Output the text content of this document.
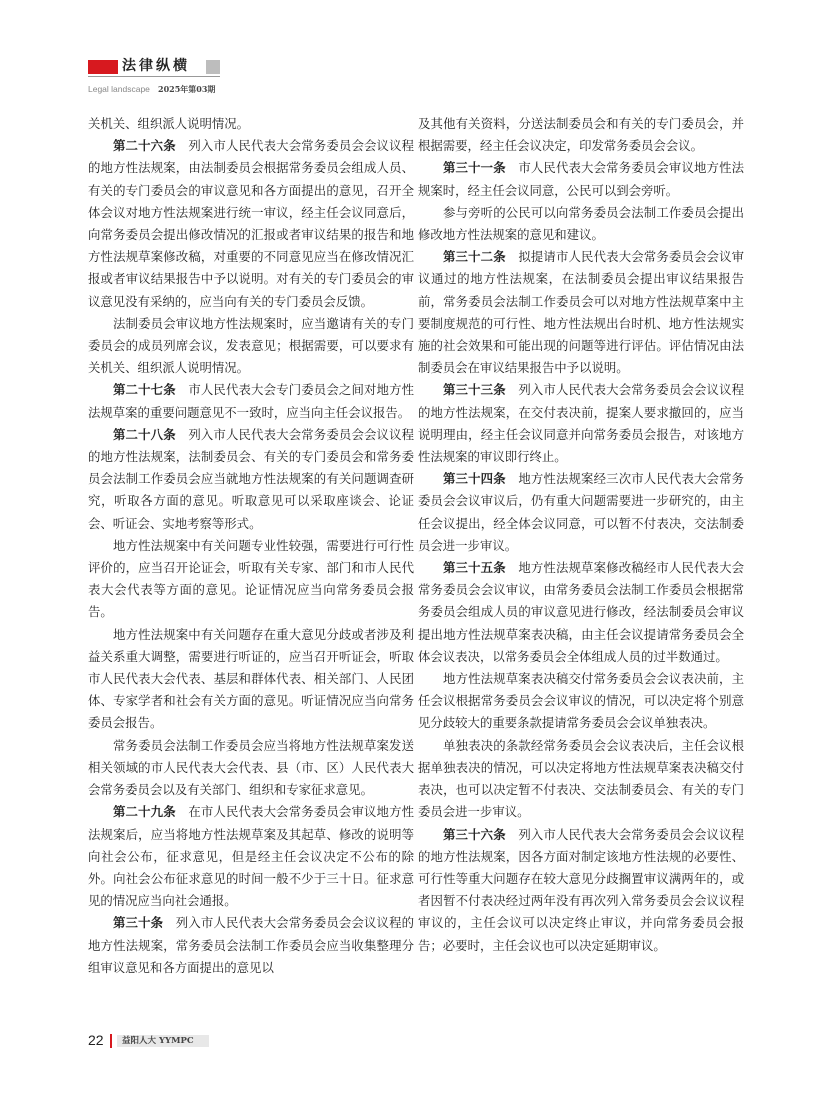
法律纵横
Legal landscape 2025年第03期

关机关、组织派人说明情况。

第二十六条　 列入市人民代表大会常务委员会会议议程的地方性法规案，由法制委员会根据常务委员会组成人员、有关的专门委员会的审议意见和各方面提出的意见，召开全体会议对地方性法规案进行统一审议，经主任会议同意后，向常务委员会提出修改情况的汇报或者审议结果的报告和地方性法规草案修改稿，对重要的不同意见应当在修改情况汇报或者审议结果报告中予以说明。对有关的专门委员会的审议意见没有采纳的，应当向有关的专门委员会反馈。

法制委员会审议地方性法规案时，应当邀请有关的专门委员会的成员列席会议，发表意见；根据需要，可以要求有关机关、组织派人说明情况。

第二十七条　 市人民代表大会专门委员会之间对地方性法规草案的重要问题意见不一致时，应当向主任会议报告。

第二十八条　 列入市人民代表大会常务委员会会议议程的地方性法规案，法制委员会、有关的专门委员会和常务委员会法制工作委员会应当就地方性法规案的有关问题调查研究，听取各方面的意见。听取意见可以采取座谈会、论证会、听证会、实地考察等形式。

地方性法规案中有关问题专业性较强，需要进行可行性评价的，应当召开论证会，听取有关专家、部门和市人民代表大会代表等方面的意见。论证情况应当向常务委员会报告。

地方性法规案中有关问题存在重大意见分歧或者涉及利益关系重大调整，需要进行听证的，应当召开听证会，听取市人民代表大会代表、基层和群体代表、相关部门、人民团体、专家学者和社会有关方面的意见。听证情况应当向常务委员会报告。

常务委员会法制工作委员会应当将地方性法规草案发送相关领域的市人民代表大会代表、县（市、区）人民代表大会常务委员会以及有关部门、组织和专家征求意见。

第二十九条　 在市人民代表大会常务委员会审议地方性法规案后，应当将地方性法规草案及其起草、修改的说明等向社会公布，征求意见，但是经主任会议决定不公布的除外。向社会公布征求意见的时间一般不少于三十日。征求意见的情况应当向社会通报。

第三十条　 列入市人民代表大会常务委员会会议议程的地方性法规案，常务委员会法制工作委员会应当收集整理分组审议意见和各方面提出的意见以

及其他有关资料，分送法制委员会和有关的专门委员会，并根据需要，经主任会议决定，印发常务委员会会议。

第三十一条　 市人民代表大会常务委员会审议地方性法规案时，经主任会议同意，公民可以到会旁听。

参与旁听的公民可以向常务委员会法制工作委员会提出修改地方性法规案的意见和建议。

第三十二条　 拟提请市人民代表大会常务委员会会议审议通过的地方性法规案，在法制委员会提出审议结果报告前，常务委员会法制工作委员会可以对地方性法规草案中主要制度规范的可行性、地方性法规出台时机、地方性法规实施的社会效果和可能出现的问题等进行评估。评估情况由法制委员会在审议结果报告中予以说明。

第三十三条　 列入市人民代表大会常务委员会会议议程的地方性法规案，在交付表决前，提案人要求撤回的，应当说明理由，经主任会议同意并向常务委员会报告，对该地方性法规案的审议即行终止。

第三十四条　 地方性法规案经三次市人民代表大会常务委员会会议审议后，仍有重大问题需要进一步研究的，由主任会议提出，经全体会议同意，可以暂不付表决，交法制委员会进一步审议。

第三十五条　 地方性法规草案修改稿经市人民代表大会常务委员会会议审议，由常务委员会法制工作委员会根据常务委员会组成人员的审议意见进行修改，经法制委员会审议提出地方性法规草案表决稿，由主任会议提请常务委员会全体会议表决，以常务委员会全体组成人员的过半数通过。

地方性法规草案表决稿交付常务委员会会议表决前，主任会议根据常务委员会会议审议的情况，可以决定将个别意见分歧较大的重要条款提请常务委员会会议单独表决。

单独表决的条款经常务委员会会议表决后，主任会议根据单独表决的情况，可以决定将地方性法规草案表决稿交付表决，也可以决定暂不付表决、交法制委员会、有关的专门委员会进一步审议。

第三十六条　 列入市人民代表大会常务委员会会议议程的地方性法规案，因各方面对制定该地方性法规的必要性、可行性等重大问题存在较大意见分歧搁置审议满两年的，或者因暂不付表决经过两年没有再次列入常务委员会会议议程审议的，主任会议可以决定终止审议，并向常务委员会报告；必要时，主任会议也可以决定延期审议。

22 益阳人大 YYMPC
